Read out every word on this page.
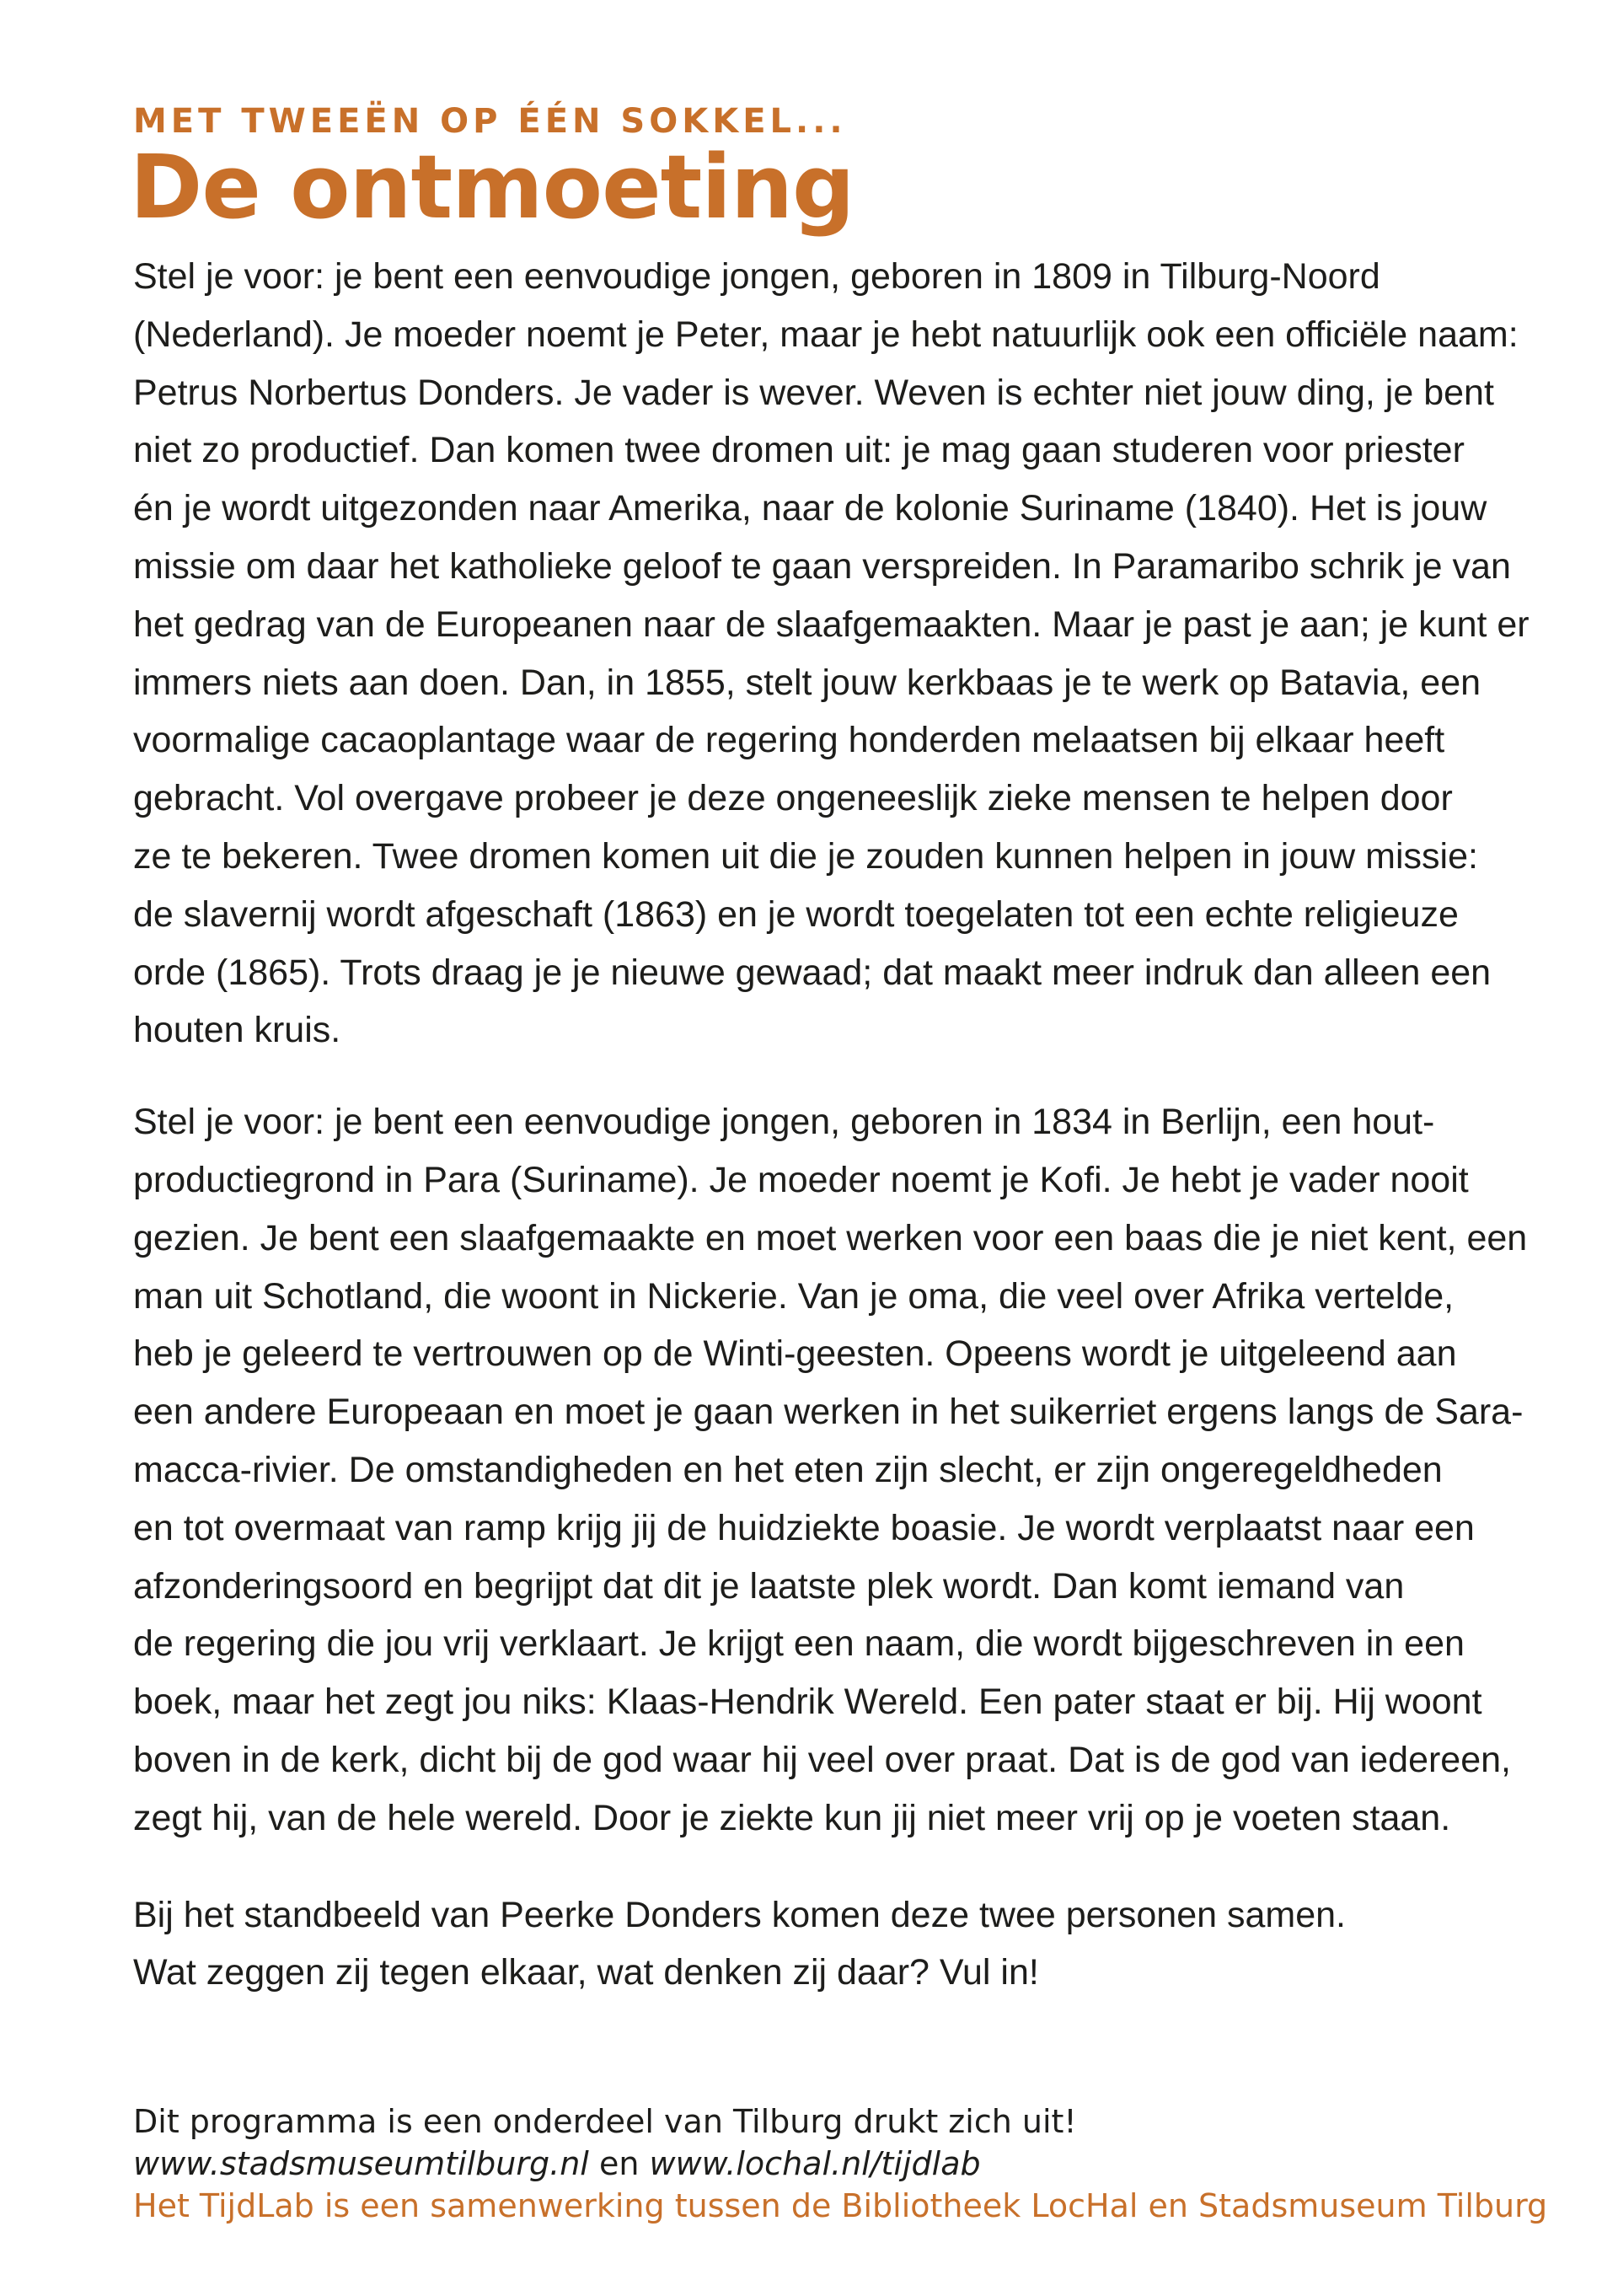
MET TWEEËN OP ÉÉN SOKKEL...
De ontmoeting

Stel je voor: je bent een eenvoudige jongen, geboren in 1809 in Tilburg-Noord
(Nederland). Je moeder noemt je Peter, maar je hebt natuurlijk ook een officiële naam:
Petrus Norbertus Donders. Je vader is wever. Weven is echter niet jouw ding, je bent
niet zo productief. Dan komen twee dromen uit: je mag gaan studeren voor priester
én je wordt uitgezonden naar Amerika, naar de kolonie Suriname (1840). Het is jouw
missie om daar het katholieke geloof te gaan verspreiden. In Paramaribo schrik je van
het gedrag van de Europeanen naar de slaafgemaakten. Maar je past je aan; je kunt er
immers niets aan doen. Dan, in 1855, stelt jouw kerkbaas je te werk op Batavia, een
voormalige cacaoplantage waar de regering honderden melaatsen bij elkaar heeft
gebracht. Vol overgave probeer je deze ongeneeslijk zieke mensen te helpen door
ze te bekeren. Twee dromen komen uit die je zouden kunnen helpen in jouw missie:
de slavernij wordt afgeschaft (1863) en je wordt toegelaten tot een echte religieuze
orde (1865). Trots draag je je nieuwe gewaad; dat maakt meer indruk dan alleen een
houten kruis.

Stel je voor: je bent een eenvoudige jongen, geboren in 1834 in Berlijn, een hout-
productiegrond in Para (Suriname). Je moeder noemt je Kofi. Je hebt je vader nooit
gezien. Je bent een slaafgemaakte en moet werken voor een baas die je niet kent, een
man uit Schotland, die woont in Nickerie. Van je oma, die veel over Afrika vertelde,
heb je geleerd te vertrouwen op de Winti-geesten. Opeens wordt je uitgeleend aan
een andere Europeaan en moet je gaan werken in het suikerriet ergens langs de Sara-
macca-rivier. De omstandigheden en het eten zijn slecht, er zijn ongeregeldheden
en tot overmaat van ramp krijg jij de huidziekte boasie. Je wordt verplaatst naar een
afzonderingsoord en begrijpt dat dit je laatste plek wordt. Dan komt iemand van
de regering die jou vrij verklaart. Je krijgt een naam, die wordt bijgeschreven in een
boek, maar het zegt jou niks: Klaas-Hendrik Wereld. Een pater staat er bij. Hij woont
boven in de kerk, dicht bij de god waar hij veel over praat. Dat is de god van iedereen,
zegt hij, van de hele wereld. Door je ziekte kun jij niet meer vrij op je voeten staan.

Bij het standbeeld van Peerke Donders komen deze twee personen samen.
Wat zeggen zij tegen elkaar, wat denken zij daar? Vul in!

Dit programma is een onderdeel van Tilburg drukt zich uit!
www.stadsmuseumtilburg.nl en www.lochal.nl/tijdlab
Het TijdLab is een samenwerking tussen de Bibliotheek LocHal en Stadsmuseum Tilburg
